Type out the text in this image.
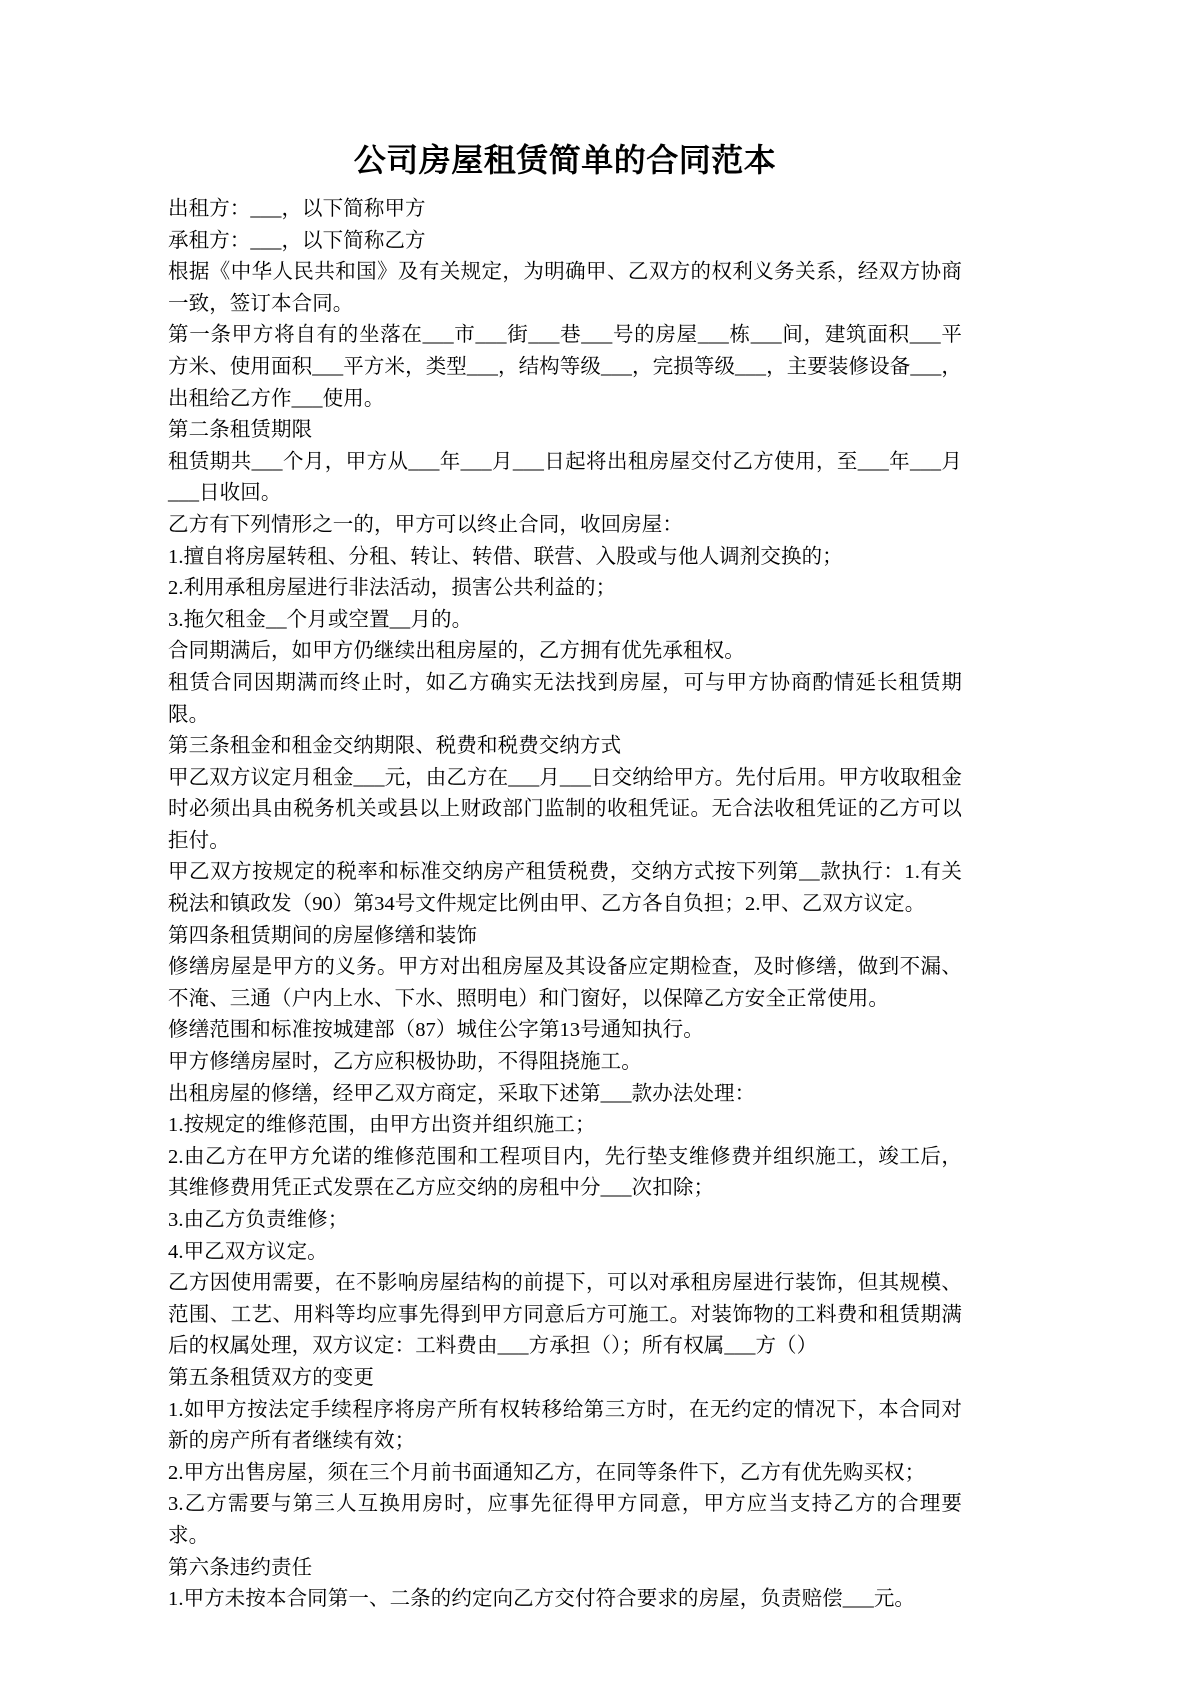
公司房屋租赁简单的合同范本

出租方：___，以下简称甲方

承租方：___，以下简称乙方

根据《中华人民共和国》及有关规定，为明确甲、乙双方的权利义务关系，经双方协商一致，签订本合同。

第一条甲方将自有的坐落在___市___街___巷___号的房屋___栋___间，建筑面积___平方米、使用面积___平方米，类型___，结构等级___，完损等级___，主要装修设备___，出租给乙方作___使用。

第二条租赁期限

租赁期共___个月，甲方从___年___月___日起将出租房屋交付乙方使用，至___年___月___日收回。

乙方有下列情形之一的，甲方可以终止合同，收回房屋：

1.擅自将房屋转租、分租、转让、转借、联营、入股或与他人调剂交换的；

2.利用承租房屋进行非法活动，损害公共利益的；

3.拖欠租金__个月或空置__月的。

合同期满后，如甲方仍继续出租房屋的，乙方拥有优先承租权。

租赁合同因期满而终止时，如乙方确实无法找到房屋，可与甲方协商酌情延长租赁期限。

第三条租金和租金交纳期限、税费和税费交纳方式

甲乙双方议定月租金___元，由乙方在___月___日交纳给甲方。先付后用。甲方收取租金时必须出具由税务机关或县以上财政部门监制的收租凭证。无合法收租凭证的乙方可以拒付。

甲乙双方按规定的税率和标准交纳房产租赁税费，交纳方式按下列第__款执行：1.有关税法和镇政发（90）第34号文件规定比例由甲、乙方各自负担；2.甲、乙双方议定。

第四条租赁期间的房屋修缮和装饰

修缮房屋是甲方的义务。甲方对出租房屋及其设备应定期检查，及时修缮，做到不漏、不淹、三通（户内上水、下水、照明电）和门窗好，以保障乙方安全正常使用。

修缮范围和标准按城建部（87）城住公字第13号通知执行。

甲方修缮房屋时，乙方应积极协助，不得阻挠施工。

出租房屋的修缮，经甲乙双方商定，采取下述第___款办法处理：

1.按规定的维修范围，由甲方出资并组织施工；

2.由乙方在甲方允诺的维修范围和工程项目内，先行垫支维修费并组织施工，竣工后，其维修费用凭正式发票在乙方应交纳的房租中分___次扣除；

3.由乙方负责维修；

4.甲乙双方议定。

乙方因使用需要，在不影响房屋结构的前提下，可以对承租房屋进行装饰，但其规模、范围、工艺、用料等均应事先得到甲方同意后方可施工。对装饰物的工料费和租赁期满后的权属处理，双方议定：工料费由___方承担（）；所有权属___方（）

第五条租赁双方的变更

1.如甲方按法定手续程序将房产所有权转移给第三方时，在无约定的情况下，本合同对新的房产所有者继续有效；

2.甲方出售房屋，须在三个月前书面通知乙方，在同等条件下，乙方有优先购买权；

3.乙方需要与第三人互换用房时，应事先征得甲方同意，甲方应当支持乙方的合理要求。

第六条违约责任

1.甲方未按本合同第一、二条的约定向乙方交付符合要求的房屋，负责赔偿___元。
